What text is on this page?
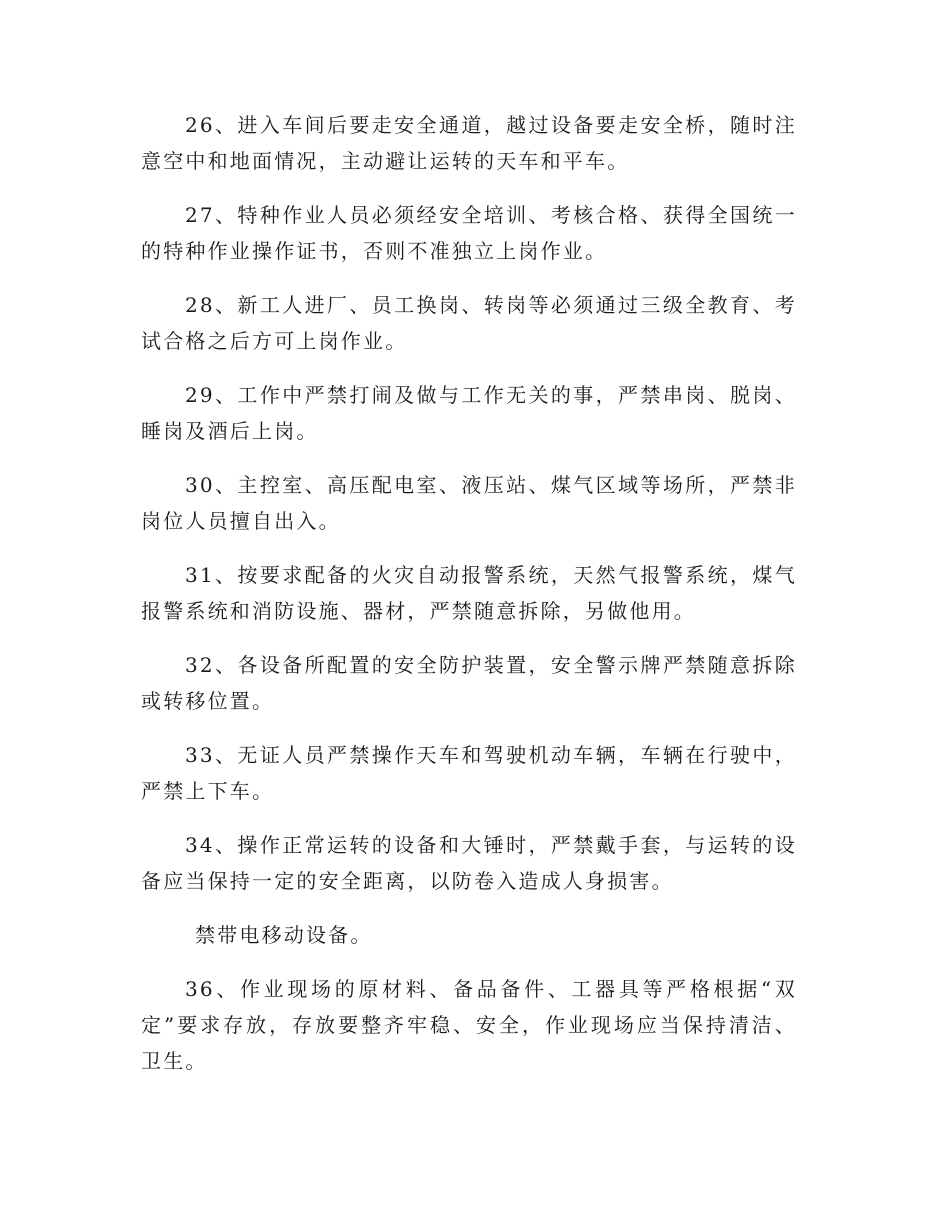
26、进入车间后要走安全通道，越过设备要走安全桥，随时注意空中和地面情况，主动避让运转的天车和平车。

27、特种作业人员必须经安全培训、考核合格、获得全国统一的特种作业操作证书，否则不准独立上岗作业。

28、新工人进厂、员工换岗、转岗等必须通过三级全教育、考试合格之后方可上岗作业。

29、工作中严禁打闹及做与工作无关的事，严禁串岗、脱岗、睡岗及酒后上岗。

30、主控室、高压配电室、液压站、煤气区域等场所，严禁非岗位人员擅自出入。

31、按要求配备的火灾自动报警系统，天然气报警系统，煤气报警系统和消防设施、器材，严禁随意拆除，另做他用。

32、各设备所配置的安全防护装置，安全警示牌严禁随意拆除或转移位置。

33、无证人员严禁操作天车和驾驶机动车辆，车辆在行驶中，严禁上下车。

34、操作正常运转的设备和大锤时，严禁戴手套，与运转的设备应当保持一定的安全距离，以防卷入造成人身损害。

禁带电移动设备。

36、作业现场的原材料、备品备件、工器具等严格根据“双定”要求存放，存放要整齐牢稳、安全，作业现场应当保持清洁、卫生。
